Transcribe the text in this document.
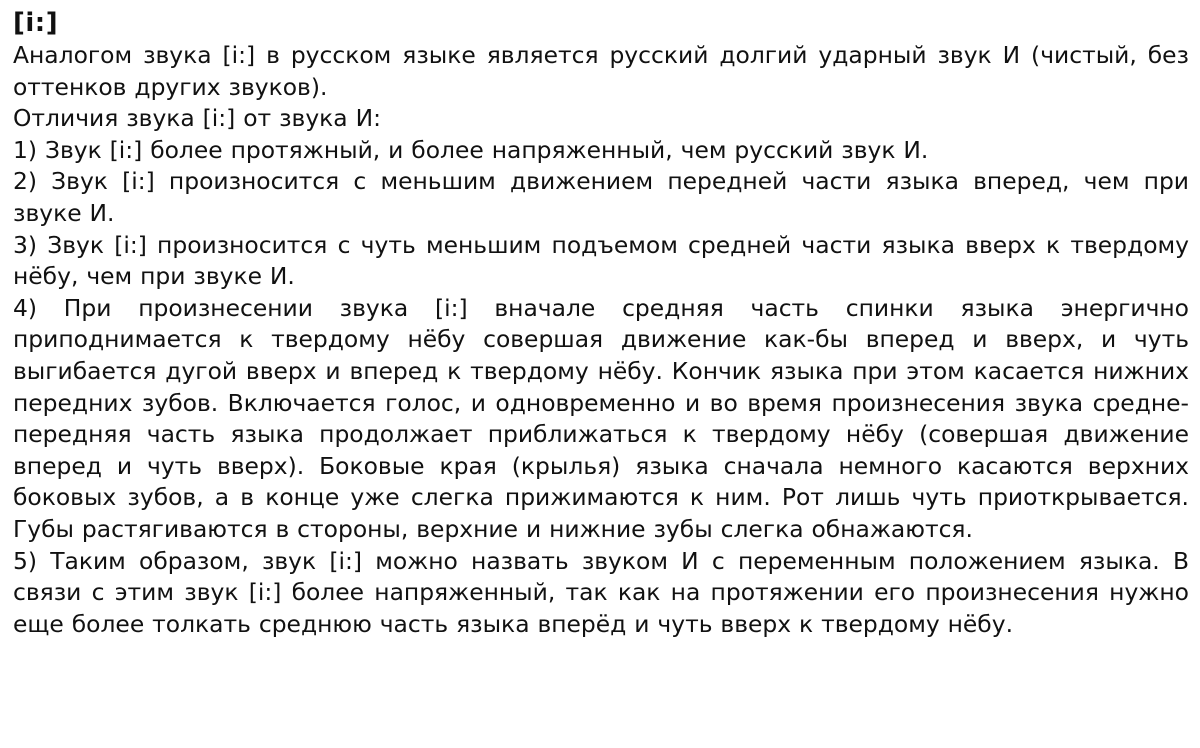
[i:]

Аналогом звука [i:] в русском языке является русский долгий ударный звук И (чистый, без оттенков других звуков).

Отличия звука [i:] от звука И:

1) Звук [i:] более протяжный, и более напряженный, чем русский звук И.

2) Звук [i:] произносится с меньшим движением передней части языка вперед, чем при звуке И.

3) Звук [i:] произносится с чуть меньшим подъемом средней части языка вверх к твердому нёбу, чем при звуке И.

4) При произнесении звука [i:] вначале средняя часть спинки языка энергично приподнимается к твердому нёбу совершая движение как-бы вперед и вверх, и чуть выгибается дугой вверх и вперед к твердому нёбу. Кончик языка при этом касается нижних передних зубов. Включается голос, и одновременно и во время произнесения звука средне-передняя часть языка продолжает приближаться к твердому нёбу (совершая движение вперед и чуть вверх). Боковые края (крылья) языка сначала немного касаются верхних боковых зубов, а в конце уже слегка прижимаются к ним. Рот лишь чуть приоткрывается. Губы растягиваются в стороны, верхние и нижние зубы слегка обнажаются.

5) Таким образом, звук [i:] можно назвать звуком И с переменным положением языка. В связи с этим звук [i:] более напряженный, так как на протяжении его произнесения нужно еще более толкать среднюю часть языка вперёд и чуть вверх к твердому нёбу.
